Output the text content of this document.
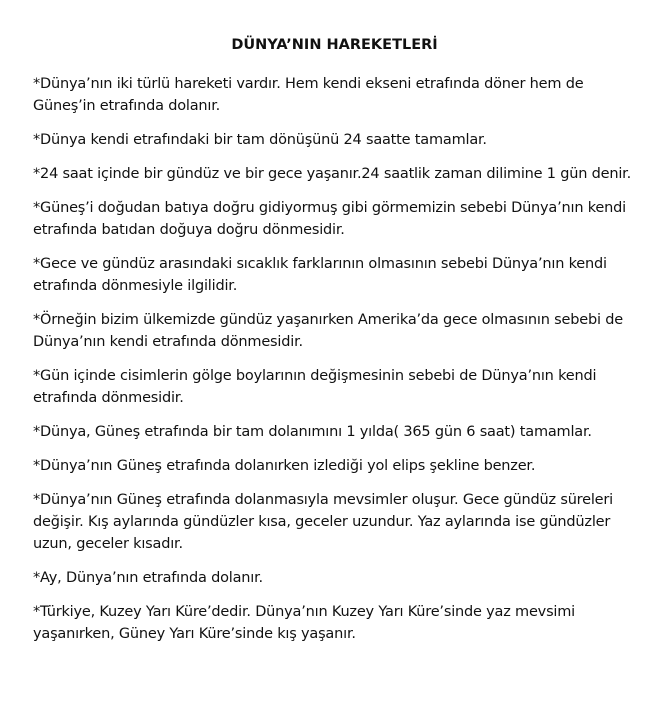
DÜNYA’NIN HAREKETLERİ
*Dünya’nın iki türlü hareketi vardır. Hem kendi ekseni etrafında döner hem de Güneş’in etrafında dolanır.
*Dünya kendi etrafındaki bir tam dönüşünü 24 saatte tamamlar.
*24 saat içinde bir gündüz ve bir gece yaşanır.24 saatlik zaman dilimine 1 gün denir.
*Güneş’i doğudan batıya doğru gidiyormuş gibi görmemizin sebebi Dünya’nın kendi etrafında batıdan doğuya doğru dönmesidir.
*Gece ve gündüz arasındaki sıcaklık farklarının olmasının sebebi Dünya’nın kendi etrafında dönmesiyle ilgilidir.
*Örneğin bizim ülkemizde gündüz yaşanırken Amerika’da gece olmasının sebebi de Dünya’nın kendi etrafında dönmesidir.
*Gün içinde cisimlerin gölge boylarının değişmesinin sebebi de Dünya’nın kendi etrafında dönmesidir.
*Dünya, Güneş etrafında bir tam dolanımını 1 yılda( 365 gün 6 saat) tamamlar.
*Dünya’nın Güneş etrafında dolanırken izlediği yol elips şekline benzer.
*Dünya’nın Güneş etrafında dolanmasıyla mevsimler oluşur. Gece gündüz süreleri değişir. Kış aylarında gündüzler kısa, geceler uzundur. Yaz aylarında ise gündüzler uzun, geceler kısadır.
*Ay, Dünya’nın etrafında dolanır.
*Türkiye, Kuzey Yarı Küre’dedir. Dünya’nın Kuzey Yarı Küre’sinde yaz mevsimi yaşanırken, Güney Yarı Küre’sinde kış yaşanır.
